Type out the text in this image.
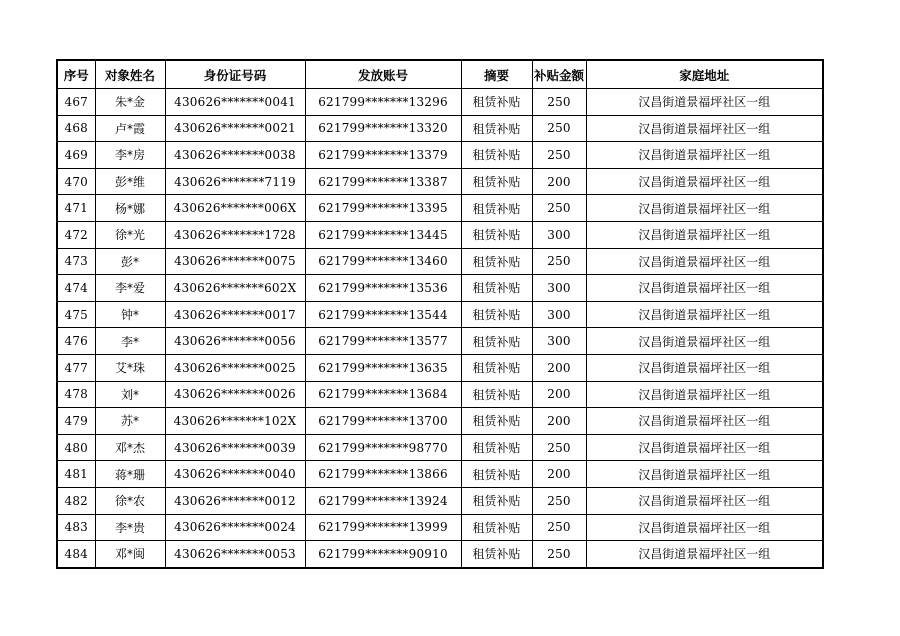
序号	对象姓名	身份证号码	发放账号	摘要	补贴金额	家庭地址
467	朱*金	430626*******0041	621799*******13296	租赁补贴	250	汉昌街道景福坪社区一组
468	卢*霞	430626*******0021	621799*******13320	租赁补贴	250	汉昌街道景福坪社区一组
469	李*房	430626*******0038	621799*******13379	租赁补贴	250	汉昌街道景福坪社区一组
470	彭*维	430626*******7119	621799*******13387	租赁补贴	200	汉昌街道景福坪社区一组
471	杨*娜	430626*******006X	621799*******13395	租赁补贴	250	汉昌街道景福坪社区一组
472	徐*光	430626*******1728	621799*******13445	租赁补贴	300	汉昌街道景福坪社区一组
473	彭*	430626*******0075	621799*******13460	租赁补贴	250	汉昌街道景福坪社区一组
474	李*爱	430626*******602X	621799*******13536	租赁补贴	300	汉昌街道景福坪社区一组
475	钟*	430626*******0017	621799*******13544	租赁补贴	300	汉昌街道景福坪社区一组
476	李*	430626*******0056	621799*******13577	租赁补贴	300	汉昌街道景福坪社区一组
477	艾*珠	430626*******0025	621799*******13635	租赁补贴	200	汉昌街道景福坪社区一组
478	刘*	430626*******0026	621799*******13684	租赁补贴	200	汉昌街道景福坪社区一组
479	苏*	430626*******102X	621799*******13700	租赁补贴	200	汉昌街道景福坪社区一组
480	邓*杰	430626*******0039	621799*******98770	租赁补贴	250	汉昌街道景福坪社区一组
481	蒋*珊	430626*******0040	621799*******13866	租赁补贴	200	汉昌街道景福坪社区一组
482	徐*农	430626*******0012	621799*******13924	租赁补贴	250	汉昌街道景福坪社区一组
483	李*贵	430626*******0024	621799*******13999	租赁补贴	250	汉昌街道景福坪社区一组
484	邓*闽	430626*******0053	621799*******90910	租赁补贴	250	汉昌街道景福坪社区一组
